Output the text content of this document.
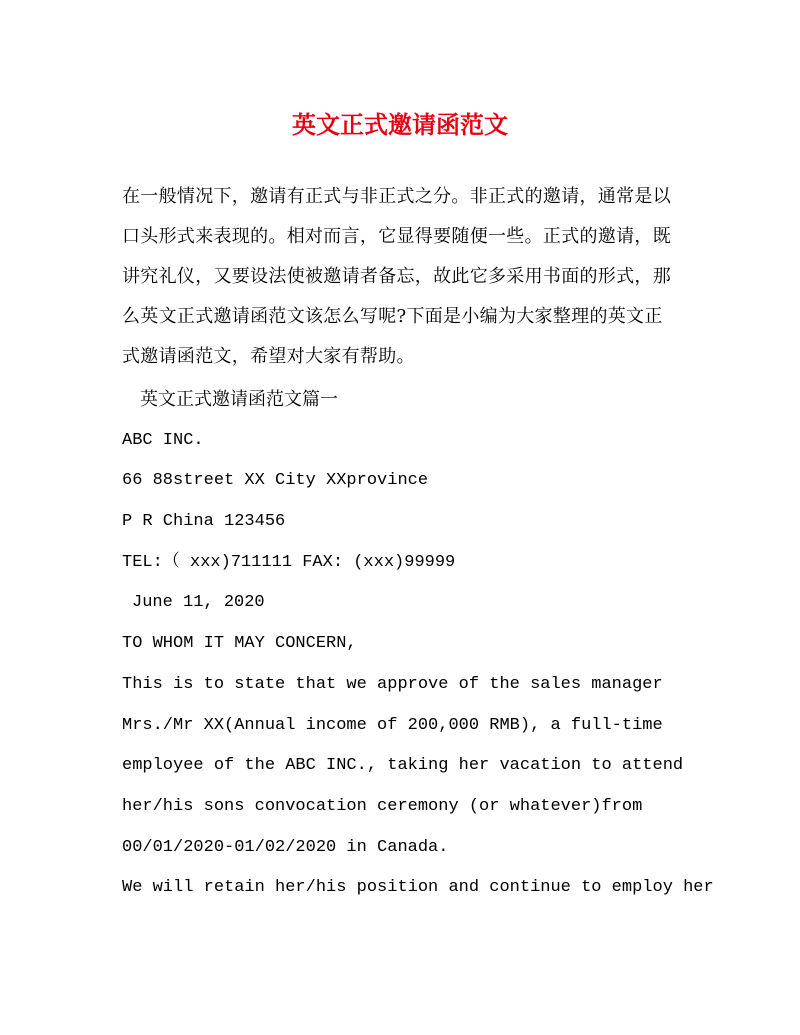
英文正式邀请函范文
在一般情况下，邀请有正式与非正式之分。非正式的邀请，通常是以
口头形式来表现的。相对而言，它显得要随便一些。正式的邀请，既
讲究礼仪，又要设法使被邀请者备忘，故此它多采用书面的形式，那
么英文正式邀请函范文该怎么写呢?下面是小编为大家整理的英文正
式邀请函范文，希望对大家有帮助。
英文正式邀请函范文篇一
ABC INC.
66 88street XX City XXprovince
P R China 123456
TEL:（ xxx)711111 FAX: (xxx)99999
June 11, 2020
TO WHOM IT MAY CONCERN,
This is to state that we approve of the sales manager
Mrs./Mr XX(Annual income of 200,000 RMB), a full-time
employee of the ABC INC., taking her vacation to attend
her/his sons convocation ceremony (or whatever)from
00/01/2020-01/02/2020 in Canada.
We will retain her/his position and continue to employ her
